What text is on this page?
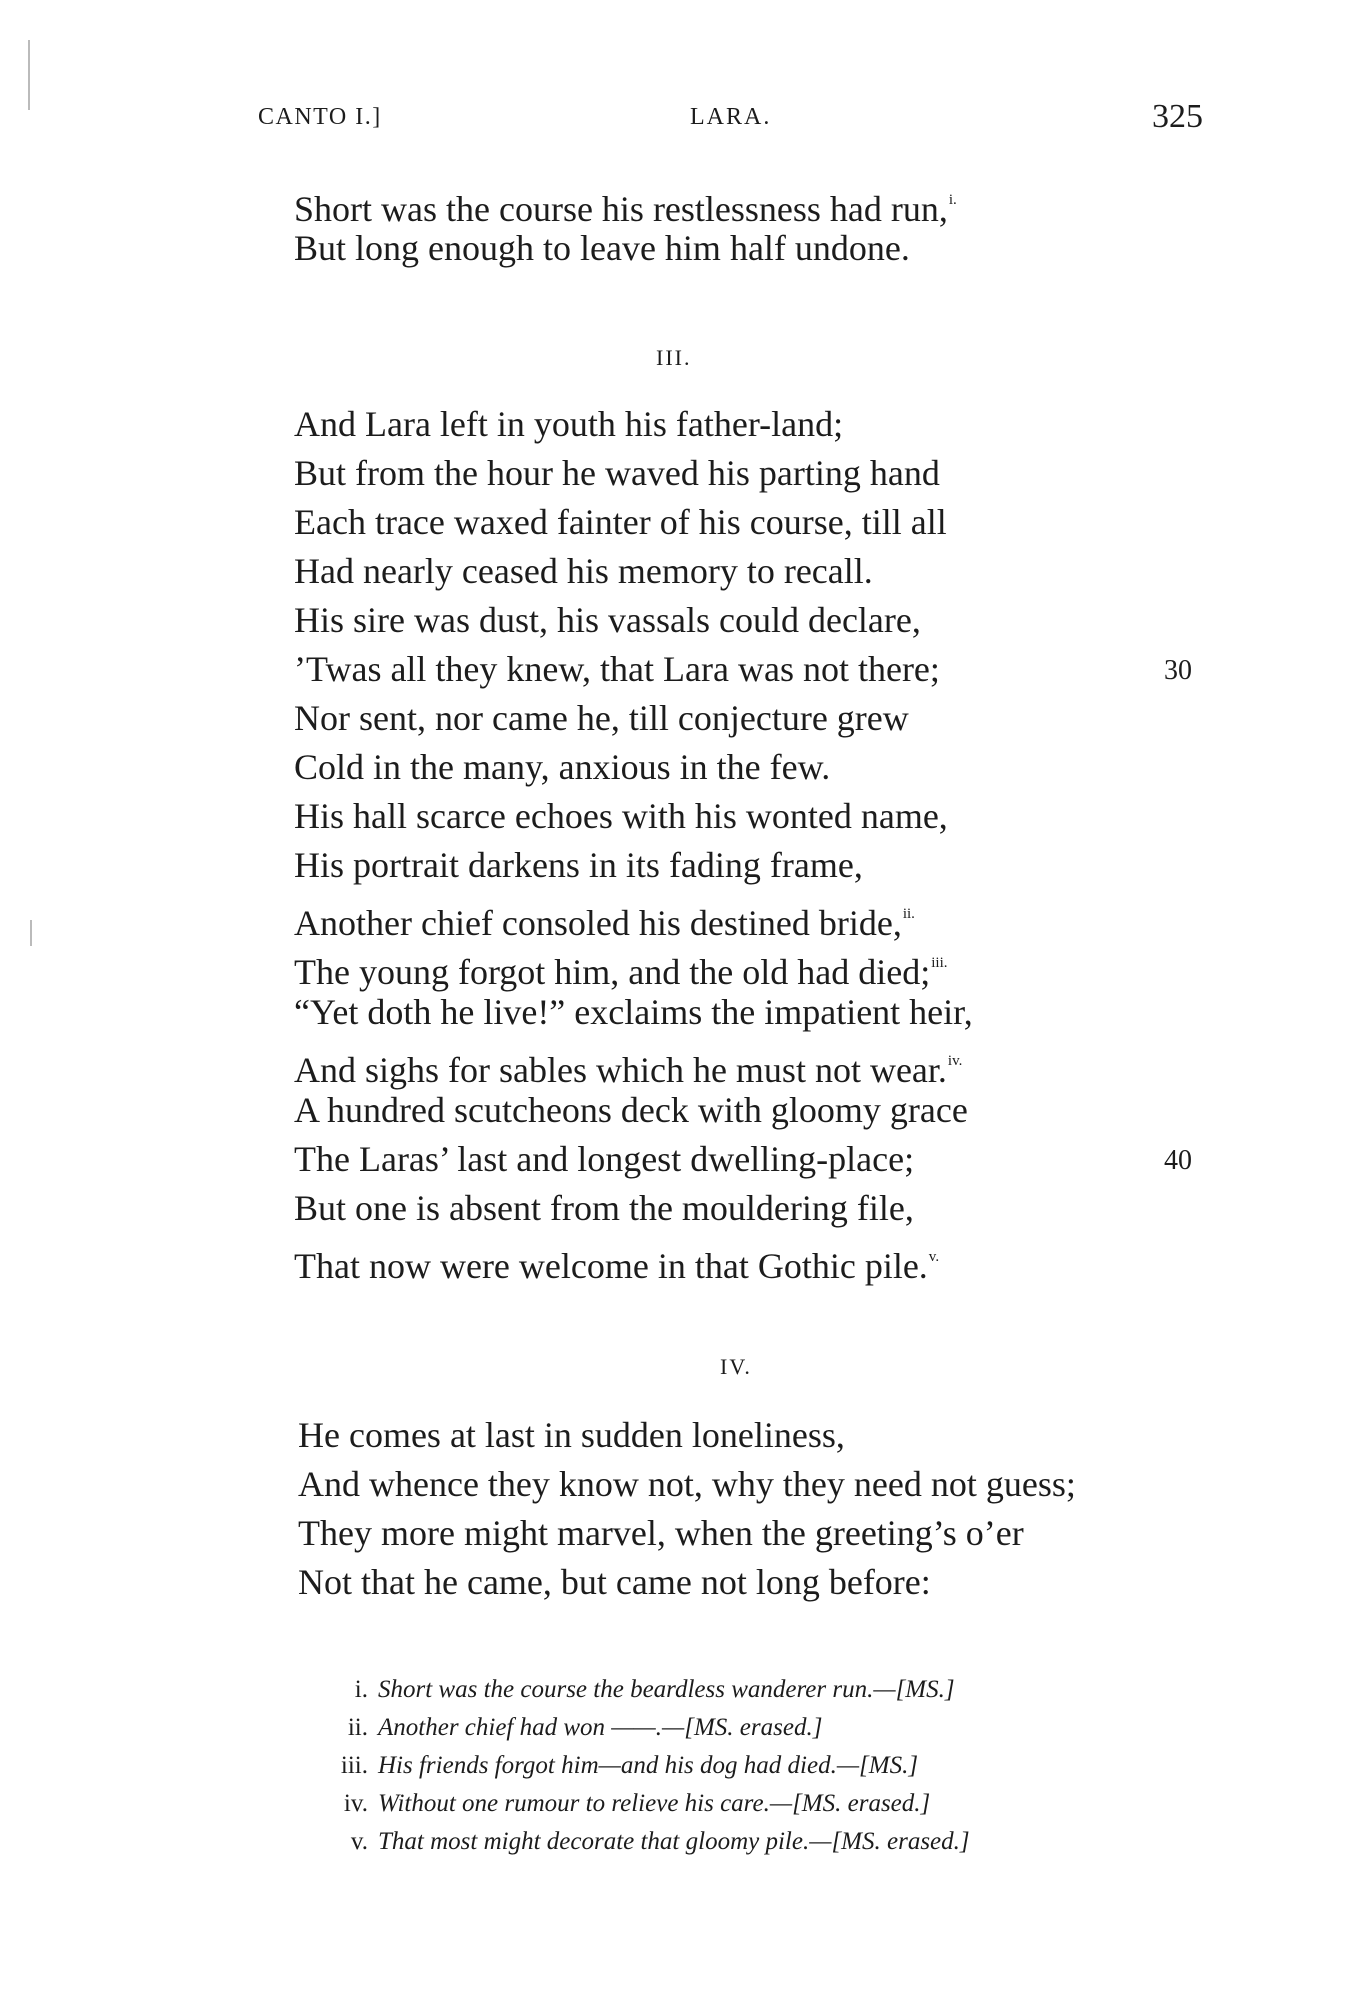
CANTO I.]	LARA.	325
Short was the course his restlessness had run,$^{i.}$
But long enough to leave him half undone.
III.
And Lara left in youth his father-land;
But from the hour he waved his parting hand
Each trace waxed fainter of his course, till all
Had nearly ceased his memory to recall.
His sire was dust, his vassals could declare,
’Twas all they knew, that Lara was not there;
Nor sent, nor came he, till conjecture grew
Cold in the many, anxious in the few.
His hall scarce echoes with his wonted name,
His portrait darkens in its fading frame,
Another chief consoled his destined bride,$^{ii.}$
The young forgot him, and the old had died;$^{iii.}$
“Yet doth he live!” exclaims the impatient heir,
And sighs for sables which he must not wear.$^{iv.}$
A hundred scutcheons deck with gloomy grace
The Laras’ last and longest dwelling-place;
But one is absent from the mouldering file,
That now were welcome in that Gothic pile.$^{v.}$
30
40
IV.
He comes at last in sudden loneliness,
And whence they know not, why they need not guess;
They more might marvel, when the greeting’s o’er
Not that he came, but came not long before:
i. Short was the course the beardless wanderer run.—[MS.]
ii. Another chief had won ——.—[MS. erased.]
iii. His friends forgot him—and his dog had died.—[MS.]
iv. Without one rumour to relieve his care.—[MS. erased.]
v. That most might decorate that gloomy pile.—[MS. erased.]
